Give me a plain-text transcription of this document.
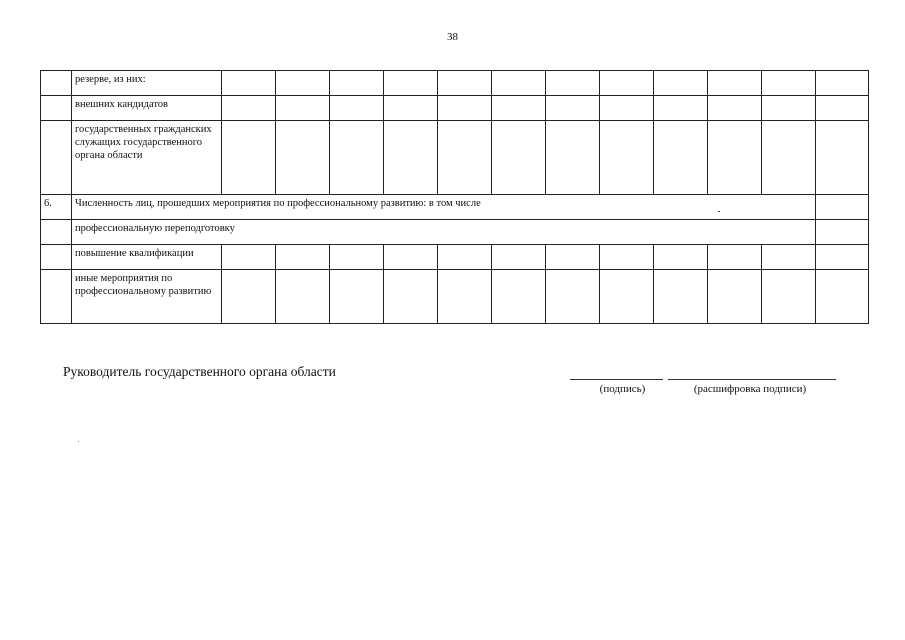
38
	резерве, из них:												
	внешних кандидатов												
	государственных гражданских служащих государственного органа области												
6.	Численность лиц, прошедших мероприятия по профессиональному развитию: в том числе												
	профессиональную переподготовку												
	повышение квалификации												
	иные мероприятия по профессиональному развитию												
Руководитель государственного органа области
(подпись)	(расшифровка подписи)
